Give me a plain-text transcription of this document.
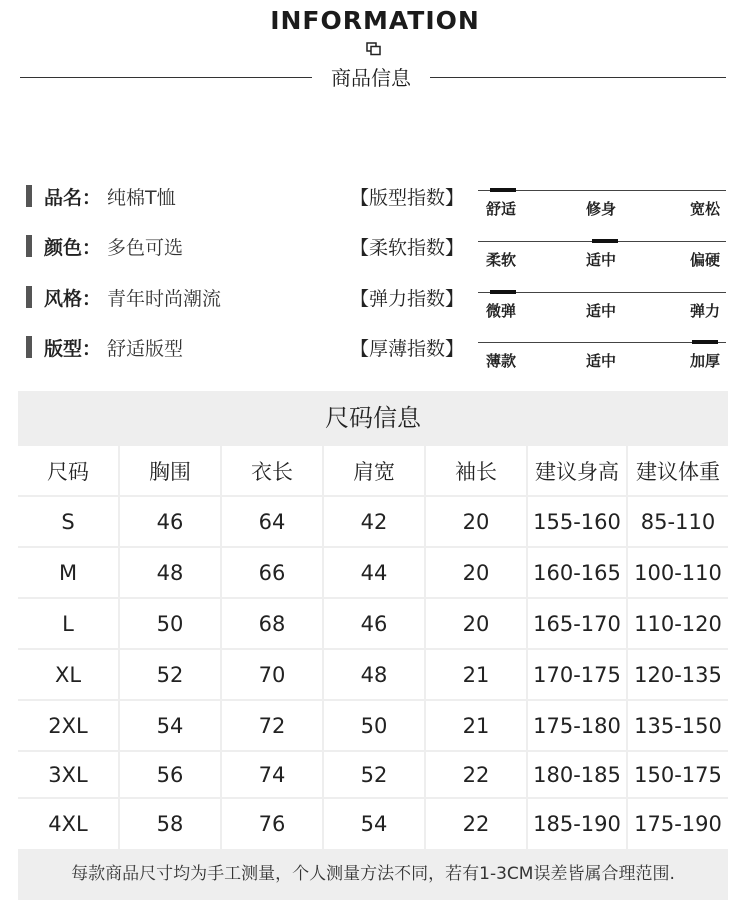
INFORMATION
商品信息
品名 ： 纯棉T恤
颜色 ： 多色可选
风格 ： 青年时尚潮流
版型 ： 舒适版型
【版型指数】
舒适	修身	宽松
【柔软指数】
柔软	适中	偏硬
【弹力指数】
微弹	适中	弹力
【厚薄指数】
薄款	适中	加厚
尺码信息
尺码	胸围	衣长	肩宽	袖长	建议身高	建议体重
S	46	64	42	20	155-160	85-110
M	48	66	44	20	160-165	100-110
L	50	68	46	20	165-170	110-120
XL	52	70	48	21	170-175	120-135
2XL	54	72	50	21	175-180	135-150
3XL	56	74	52	22	180-185	150-175
4XL	58	76	54	22	185-190	175-190
每款商品尺寸均为手工测量，个人测量方法不同，若有1-3CM误差皆属合理范围.
